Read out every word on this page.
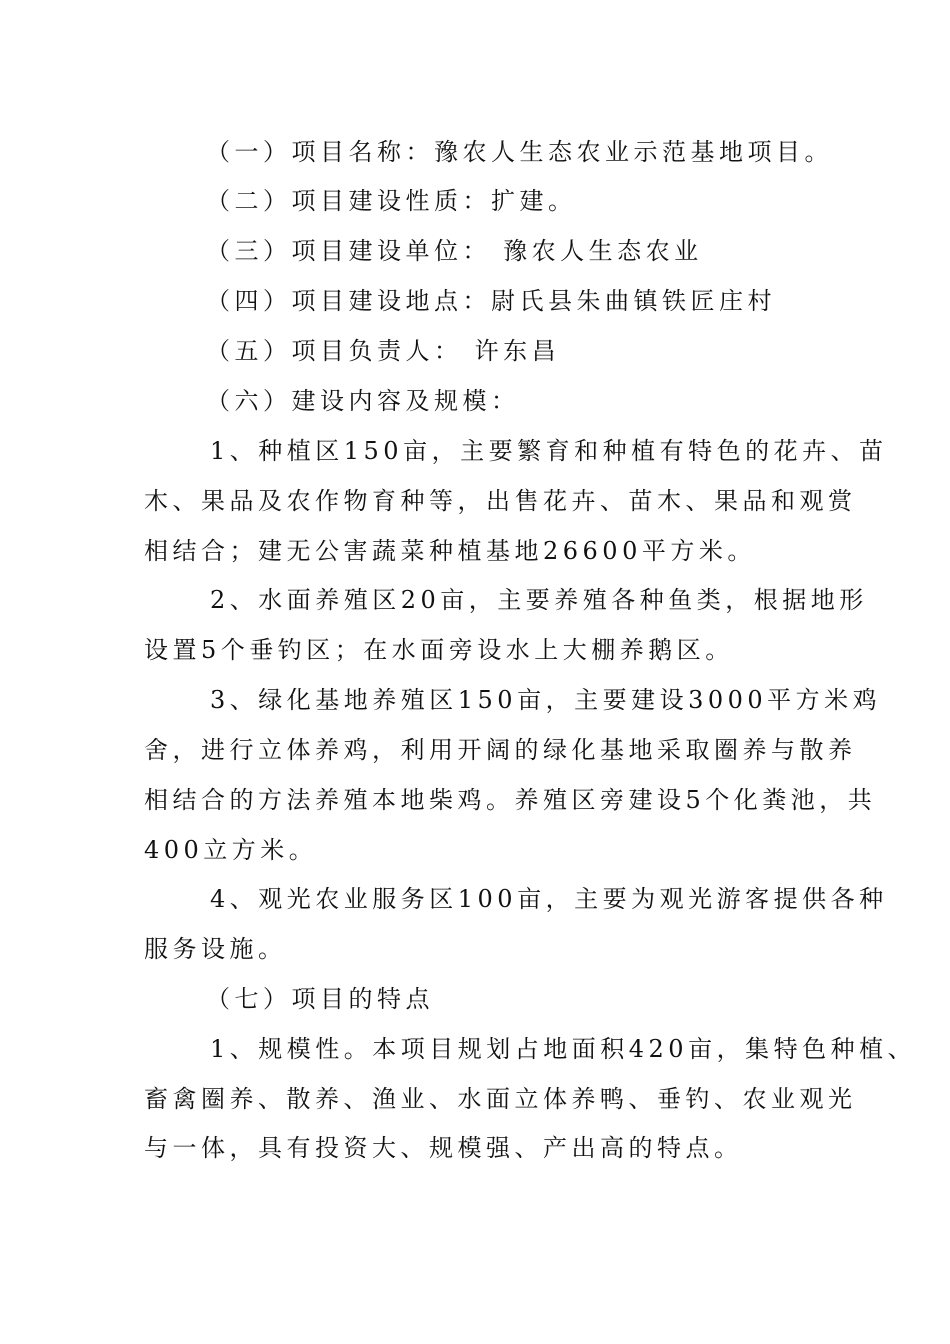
（一）项目名称：豫农人生态农业示范基地项目。
（二）项目建设性质：扩建。
（三）项目建设单位： 豫农人生态农业
（四）项目建设地点：尉氏县朱曲镇铁匠庄村
（五）项目负责人： 许东昌
（六）建设内容及规模：
1、种植区150亩，主要繁育和种植有特色的花卉、苗
木、果品及农作物育种等，出售花卉、苗木、果品和观赏
相结合；建无公害蔬菜种植基地26600平方米。
2、水面养殖区20亩，主要养殖各种鱼类，根据地形
设置5个垂钓区；在水面旁设水上大棚养鹅区。
3、绿化基地养殖区150亩，主要建设3000平方米鸡
舍，进行立体养鸡，利用开阔的绿化基地采取圈养与散养
相结合的方法养殖本地柴鸡。养殖区旁建设5个化粪池，共
400立方米。
4、观光农业服务区100亩，主要为观光游客提供各种
服务设施。
（七）项目的特点
1、规模性。本项目规划占地面积420亩，集特色种植、
畜禽圈养、散养、渔业、水面立体养鸭、垂钓、农业观光
与一体，具有投资大、规模强、产出高的特点。
